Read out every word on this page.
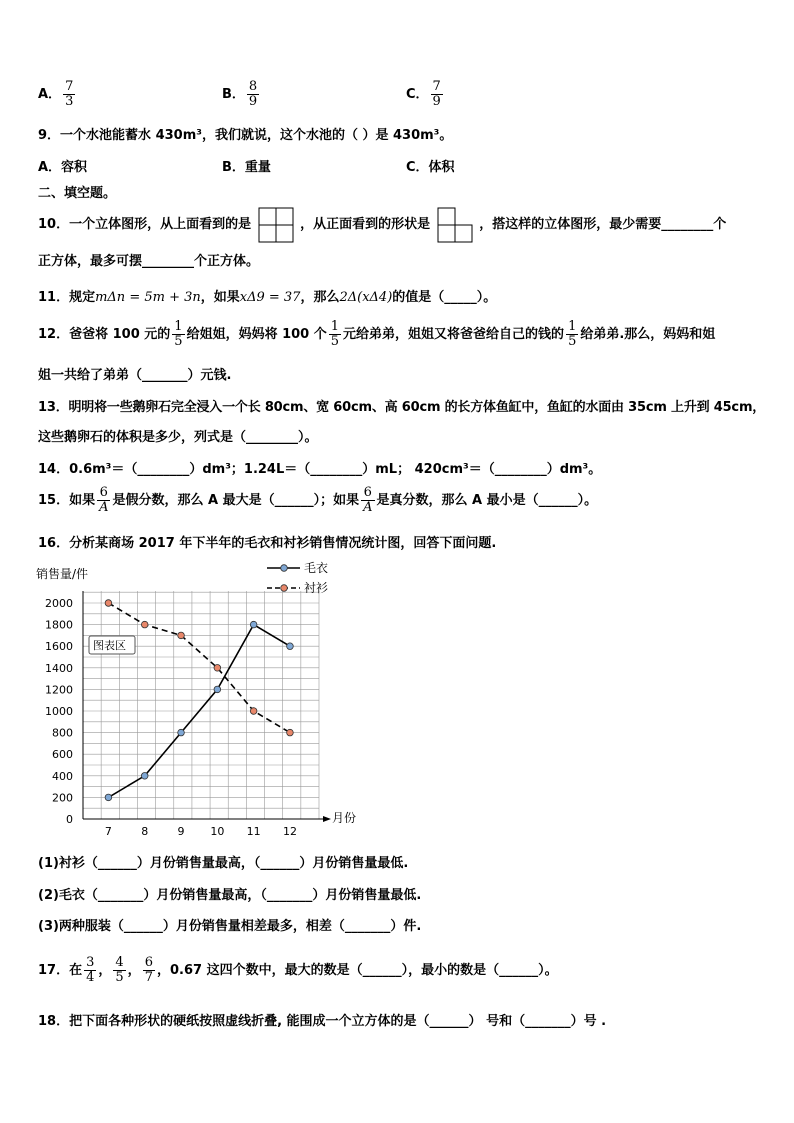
A． $\frac{7}{3}$	B． $\frac{8}{9}$	C． $\frac{7}{9}$
9．一个水池能蓄水 430m³，我们就说，这个水池的（ ）是 430m³。
A．容积	B．重量	C．体积
二、填空题。
10．一个立体图形，从上面看到的是	，从正面看到的形状是	，搭这样的立体图形，最少需要________个
正方体，最多可摆________个正方体。
11．规定mΔn = 5m + 3n，如果xΔ9 = 37，那么2Δ(xΔ4)的值是（_____）。
12．爸爸将 100 元的 $\frac{1}{5}$ 给姐姐，妈妈将 100 个 $\frac{1}{5}$ 元给弟弟，姐姐又将爸爸给自己的钱的 $\frac{1}{5}$ 给弟弟.那么，妈妈和姐
姐一共给了弟弟（_______）元钱.
13．明明将一些鹅卵石完全浸入一个长 80cm、宽 60cm、高 60cm 的长方体鱼缸中，鱼缸的水面由 35cm 上升到 45cm，
这些鹅卵石的体积是多少，列式是（________）。
14．0.6m³＝（________）dm³；1.24L＝（________）mL； 420cm³＝（________）dm³。
15．如果 $\frac{6}{A}$ 是假分数，那么 A 最大是（______）；如果 $\frac{6}{A}$ 是真分数，那么 A 最小是（______）。
16．分析某商场 2017 年下半年的毛衣和衬衫销售情况统计图，回答下面问题.
0
200
400
600
800
1000
1200
1400
1600
1800
2000
7	8	9 10 11 12
毛衣
衬衫
销售量/件
月份
图表区
(1)衬衫（______）月份销售量最高，（______）月份销售量最低.
(2)毛衣（_______）月份销售量最高，（_______）月份销售量最低.
(3)两种服装（______）月份销售量相差最多，相差（_______）件.
17．在 $\frac{3}{4}$ ， $\frac{4}{5}$ ， $\frac{6}{7}$ ，0.67 这四个数中，最大的数是（______），最小的数是（______）。
18．把下面各种形状的硬纸按照虚线折叠, 能围成一个立方体的是（______） 号和（_______）号 .
